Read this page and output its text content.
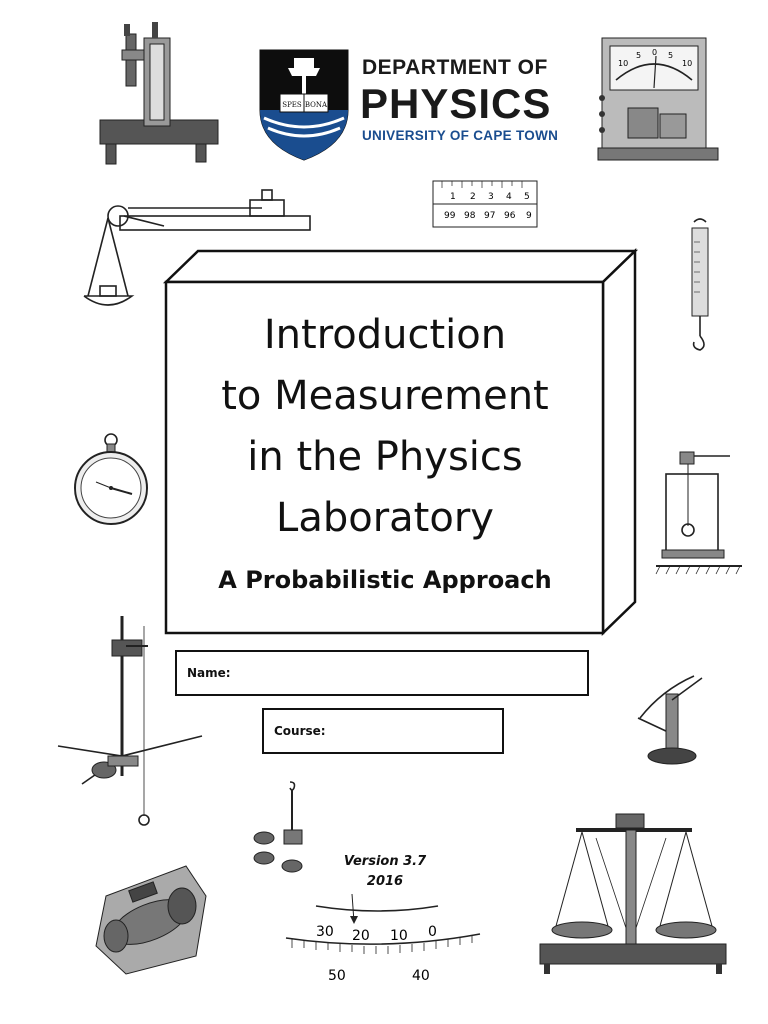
SPES BONA
DEPARTMENT OF
PHYSICS
UNIVERSITY OF CAPE TOWN
10
5 0 5
10
1 2 3 4 5
99 98 97 96 9
30 20 10 0
50	40
Introduction
to Measurement
in the Physics
Laboratory
A Probabilistic Approach
Name:
Course:
Version 3.7
2016
